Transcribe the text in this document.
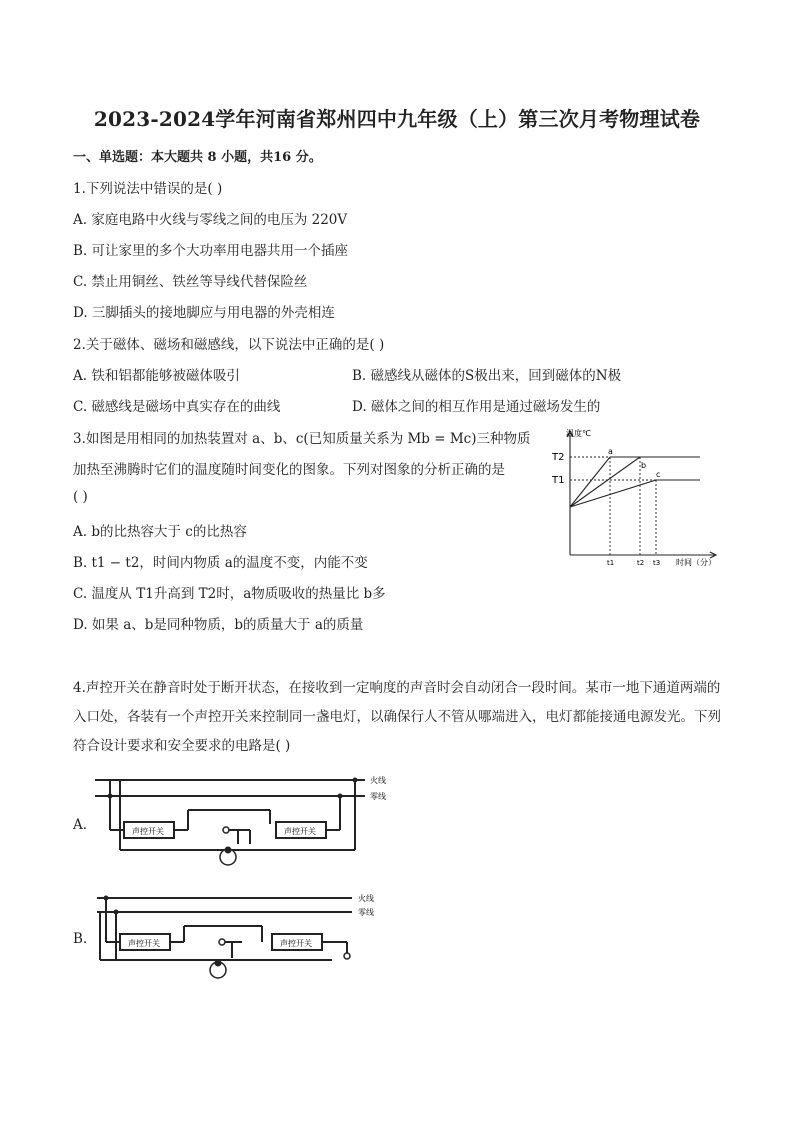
2023-2024学年河南省郑州四中九年级（上）第三次月考物理试卷
一、单选题：本大题共 8 小题，共16 分。
1.下列说法中错误的是( )
A. 家庭电路中火线与零线之间的电压为 220V
B. 可让家里的多个大功率用电器共用一个插座
C. 禁止用铜丝、铁丝等导线代替保险丝
D. 三脚插头的接地脚应与用电器的外壳相连
2.关于磁体、磁场和磁感线，以下说法中正确的是( )
A. 铁和铝都能够被磁体吸引	B. 磁感线从磁体的S极出来，回到磁体的N极
C. 磁感线是磁场中真实存在的曲线	D. 磁体之间的相互作用是通过磁场发生的
3.如图是用相同的加热装置对 a、b、c(已知质量关系为 Mb = Mc)三种物质
加热至沸腾时它们的温度随时间变化的图象。下列对图象的分析正确的是
( )
A. b的比热容大于 c的比热容
B. t1 − t2，时间内物质 a的温度不变，内能不变
C. 温度从 T1升高到 T2时，a物质吸收的热量比 b多
D. 如果 a、b是同种物质，b的质量大于 a的质量
温度℃
T2
T1
a
b
c
t1	t2 t3 时间（分）
4.声控开关在静音时处于断开状态，在接收到一定响度的声音时会自动闭合一段时间。某市一地下通道两端的入口处，各装有一个声控开关来控制同一盏电灯，以确保行人不管从哪端进入，电灯都能接通电源发光。下列符合设计要求和安全要求的电路是( )
A.	声控开关	声控开关
火线
零线
B.	声控开关	声控开关
火线
零线
